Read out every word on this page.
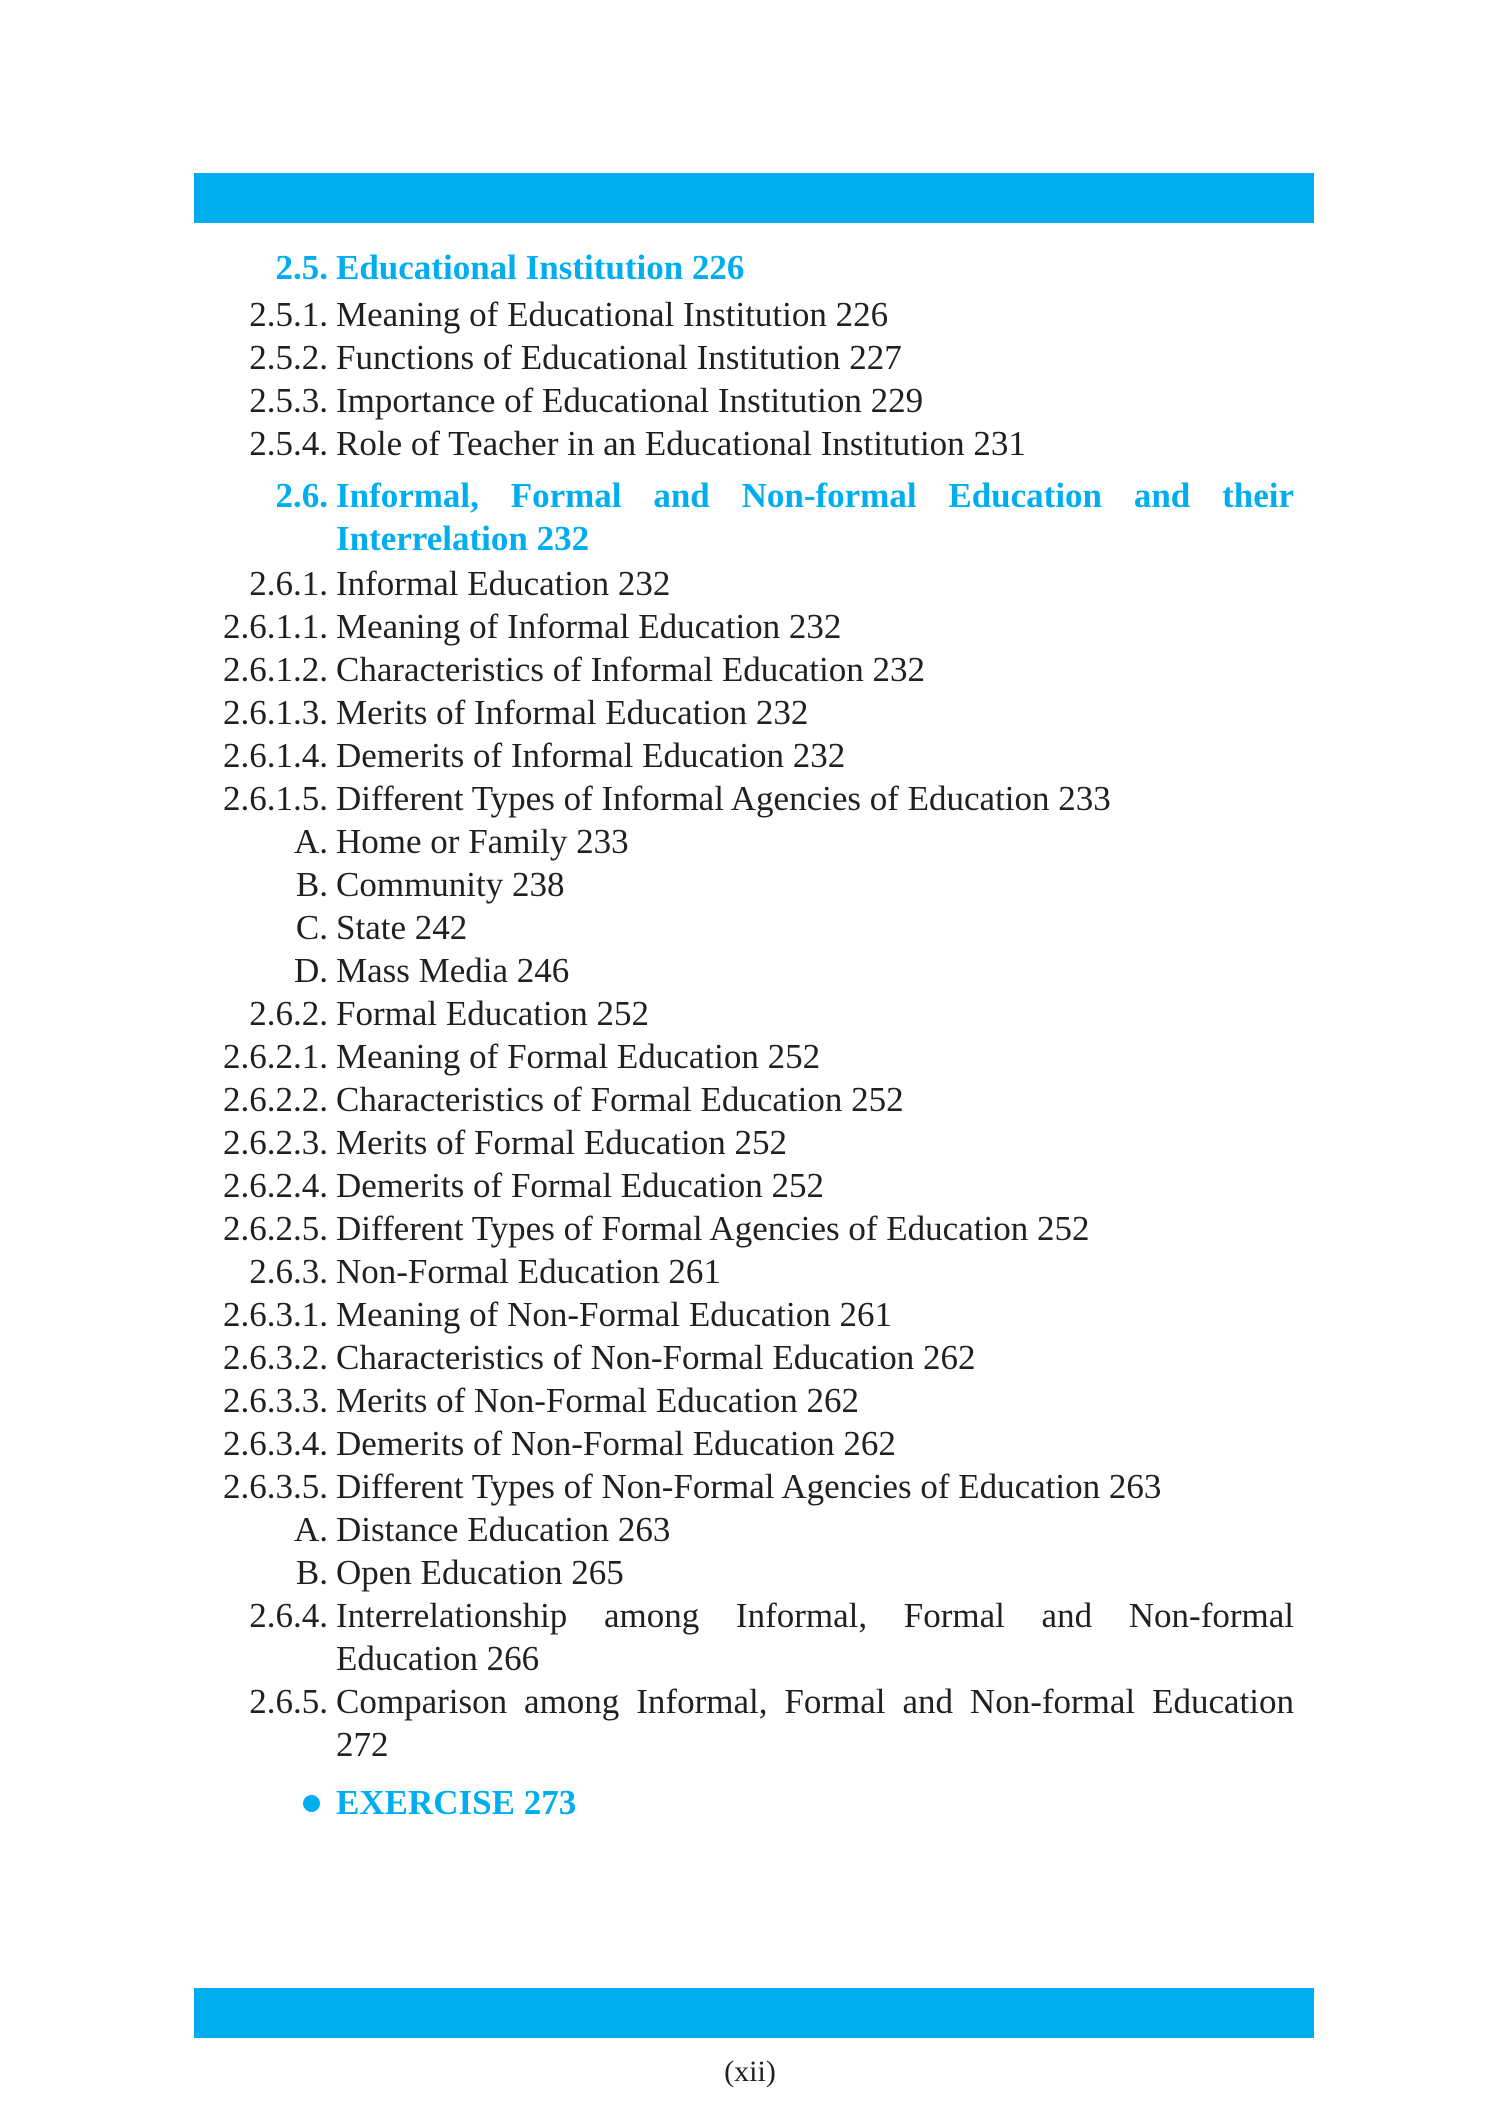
2.5. Educational Institution 226
2.5.1. Meaning of Educational Institution 226
2.5.2. Functions of Educational Institution 227
2.5.3. Importance of Educational Institution 229
2.5.4. Role of Teacher in an Educational Institution 231
2.6. Informal, Formal and Non-formal Education and their Interrelation 232
2.6.1. Informal Education 232
2.6.1.1. Meaning of Informal Education 232
2.6.1.2. Characteristics of Informal Education 232
2.6.1.3. Merits of Informal Education 232
2.6.1.4. Demerits of Informal Education 232
2.6.1.5. Different Types of Informal Agencies of Education 233
A. Home or Family 233
B. Community 238
C. State 242
D. Mass Media 246
2.6.2. Formal Education 252
2.6.2.1. Meaning of Formal Education 252
2.6.2.2. Characteristics of Formal Education 252
2.6.2.3. Merits of Formal Education 252
2.6.2.4. Demerits of Formal Education 252
2.6.2.5. Different Types of Formal Agencies of Education 252
2.6.3. Non-Formal Education 261
2.6.3.1. Meaning of Non-Formal Education 261
2.6.3.2. Characteristics of Non-Formal Education 262
2.6.3.3. Merits of Non-Formal Education 262
2.6.3.4. Demerits of Non-Formal Education 262
2.6.3.5. Different Types of Non-Formal Agencies of Education 263
A. Distance Education 263
B. Open Education 265
2.6.4. Interrelationship among Informal, Formal and Non-formal Education 266
2.6.5. Comparison among Informal, Formal and Non-formal Education 272
EXERCISE 273
(xii)
